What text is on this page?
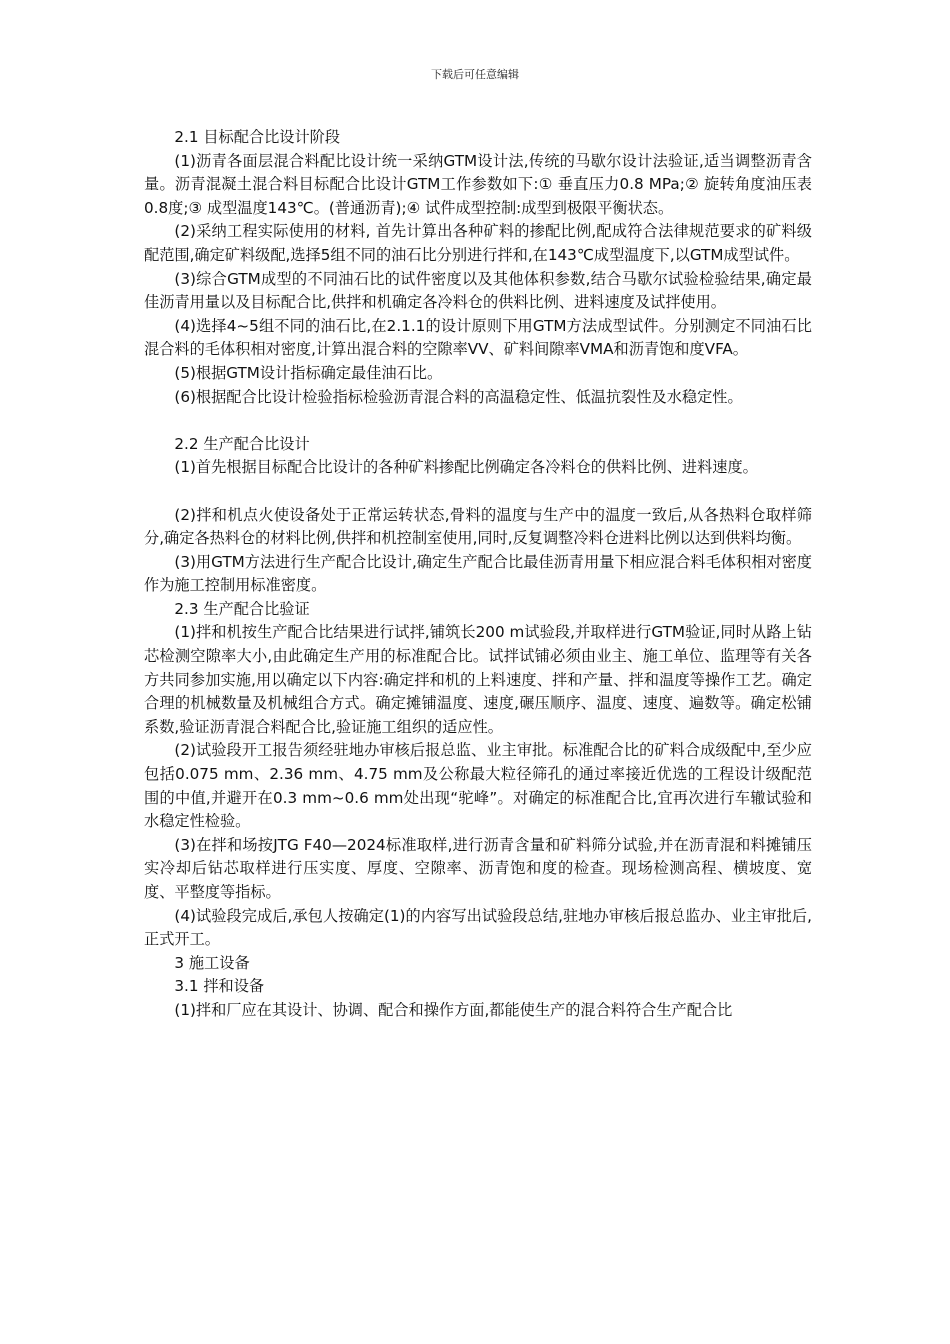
下载后可任意编辑

2.1 目标配合比设计阶段

(1)沥青各面层混合料配比设计统一采纳GTM设计法,传统的马歇尔设计法验证,适当调整沥青含量。沥青混凝土混合料目标配合比设计GTM工作参数如下:① 垂直压力0.8 MPa;② 旋转角度油压表0.8度;③ 成型温度143℃。(普通沥青);④ 试件成型控制:成型到极限平衡状态。

(2)采纳工程实际使用的材料, 首先计算出各种矿料的掺配比例,配成符合法律规范要求的矿料级配范围,确定矿料级配,选择5组不同的油石比分别进行拌和,在143℃成型温度下,以GTM成型试件。

(3)综合GTM成型的不同油石比的试件密度以及其他体积参数,结合马歇尔试验检验结果,确定最佳沥青用量以及目标配合比,供拌和机确定各冷料仓的供料比例、进料速度及试拌使用。

(4)选择4~5组不同的油石比,在2.1.1的设计原则下用GTM方法成型试件。分别测定不同油石比混合料的毛体积相对密度,计算出混合料的空隙率VV、矿料间隙率VMA和沥青饱和度VFA。

(5)根据GTM设计指标确定最佳油石比。

(6)根据配合比设计检验指标检验沥青混合料的高温稳定性、低温抗裂性及水稳定性。

2.2 生产配合比设计

(1)首先根据目标配合比设计的各种矿料掺配比例确定各冷料仓的供料比例、进料速度。

(2)拌和机点火使设备处于正常运转状态,骨料的温度与生产中的温度一致后,从各热料仓取样筛分,确定各热料仓的材料比例,供拌和机控制室使用,同时,反复调整冷料仓进料比例以达到供料均衡。

(3)用GTM方法进行生产配合比设计,确定生产配合比最佳沥青用量下相应混合料毛体积相对密度作为施工控制用标准密度。

2.3 生产配合比验证

(1)拌和机按生产配合比结果进行试拌,铺筑长200 m试验段,并取样进行GTM验证,同时从路上钻芯检测空隙率大小,由此确定生产用的标准配合比。试拌试铺必须由业主、施工单位、监理等有关各方共同参加实施,用以确定以下内容:确定拌和机的上料速度、拌和产量、拌和温度等操作工艺。确定合理的机械数量及机械组合方式。确定摊铺温度、速度,碾压顺序、温度、速度、遍数等。确定松铺系数,验证沥青混合料配合比,验证施工组织的适应性。

(2)试验段开工报告须经驻地办审核后报总监、业主审批。标准配合比的矿料合成级配中,至少应包括0.075 mm、2.36 mm、4.75 mm及公称最大粒径筛孔的通过率接近优选的工程设计级配范围的中值,并避开在0.3 mm~0.6 mm处出现“驼峰”。对确定的标准配合比,宜再次进行车辙试验和水稳定性检验。

(3)在拌和场按JTG F40—2024标准取样,进行沥青含量和矿料筛分试验,并在沥青混和料摊铺压实冷却后钻芯取样进行压实度、厚度、空隙率、沥青饱和度的检查。现场检测高程、横坡度、宽度、平整度等指标。

(4)试验段完成后,承包人按确定(1)的内容写出试验段总结,驻地办审核后报总监办、业主审批后,正式开工。

3 施工设备

3.1 拌和设备

(1)拌和厂应在其设计、协调、配合和操作方面,都能使生产的混合料符合生产配合比
